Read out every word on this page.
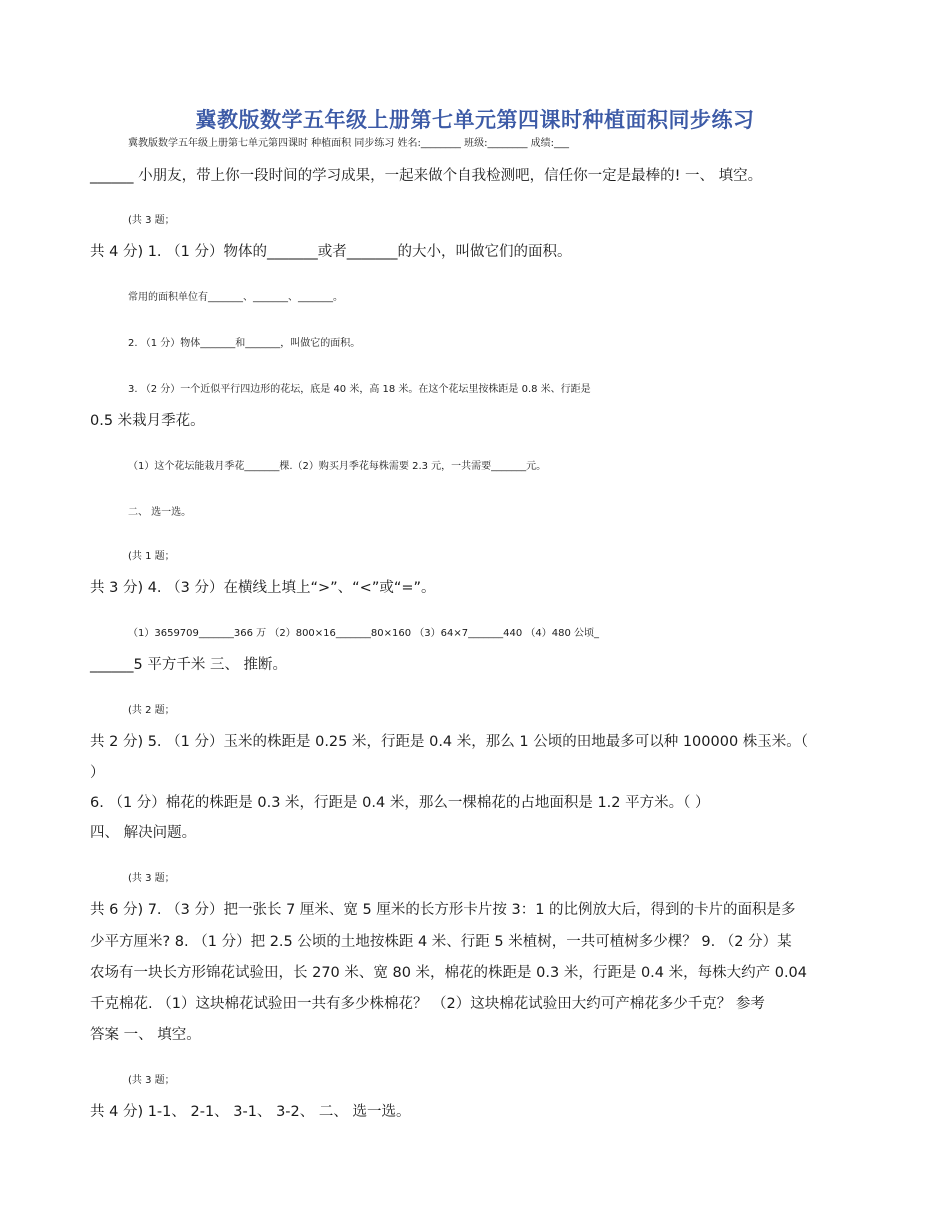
冀教版数学五年级上册第七单元第四课时种植面积同步练习
冀教版数学五年级上册第七单元第四课时 种植面积 同步练习 姓名:________ 班级:________ 成绩:___
______ 小朋友，带上你一段时间的学习成果，一起来做个自我检测吧，信任你一定是最棒的! 一、 填空。
(共 3 题；
共 4 分) 1. （1 分）物体的_______或者_______的大小，叫做它们的面积。
常用的面积单位有_______、_______、_______。
2. （1 分）物体_______和_______，叫做它的面积。
3. （2 分）一个近似平行四边形的花坛，底是 40 米，高 18 米。在这个花坛里按株距是 0.8 米、行距是
0.5 米栽月季花。
（1）这个花坛能栽月季花_______棵.（2）购买月季花每株需要 2.3 元，一共需要_______元。
二、 选一选。
(共 1 题；
共 3 分) 4. （3 分）在横线上填上“>”、“<”或“=”。
（1）3659709_______366 万 （2）800×16_______80×160 （3）64×7_______440 （4）480 公顷_
______5 平方千米 三、 推断。
(共 2 题；
共 2 分) 5. （1 分）玉米的株距是 0.25 米，行距是 0.4 米，那么 1 公顷的田地最多可以种 100000 株玉米。（
）
6. （1 分）棉花的株距是 0.3 米，行距是 0.4 米，那么一棵棉花的占地面积是 1.2 平方米。（ ）
四、 解决问题。
(共 3 题；
共 6 分) 7. （3 分）把一张长 7 厘米、宽 5 厘米的长方形卡片按 3：1 的比例放大后，得到的卡片的面积是多
少平方厘米? 8. （1 分）把 2.5 公顷的土地按株距 4 米、行距 5 米植树，一共可植树多少棵？ 9. （2 分）某
农场有一块长方形锦花试验田，长 270 米、宽 80 米，棉花的株距是 0.3 米，行距是 0.4 米，每株大约产 0.04
千克棉花. （1）这块棉花试验田一共有多少株棉花？ （2）这块棉花试验田大约可产棉花多少千克？ 参考
答案 一、 填空。
(共 3 题；
共 4 分) 1-1、 2-1、 3-1、 3-2、 二、 选一选。
